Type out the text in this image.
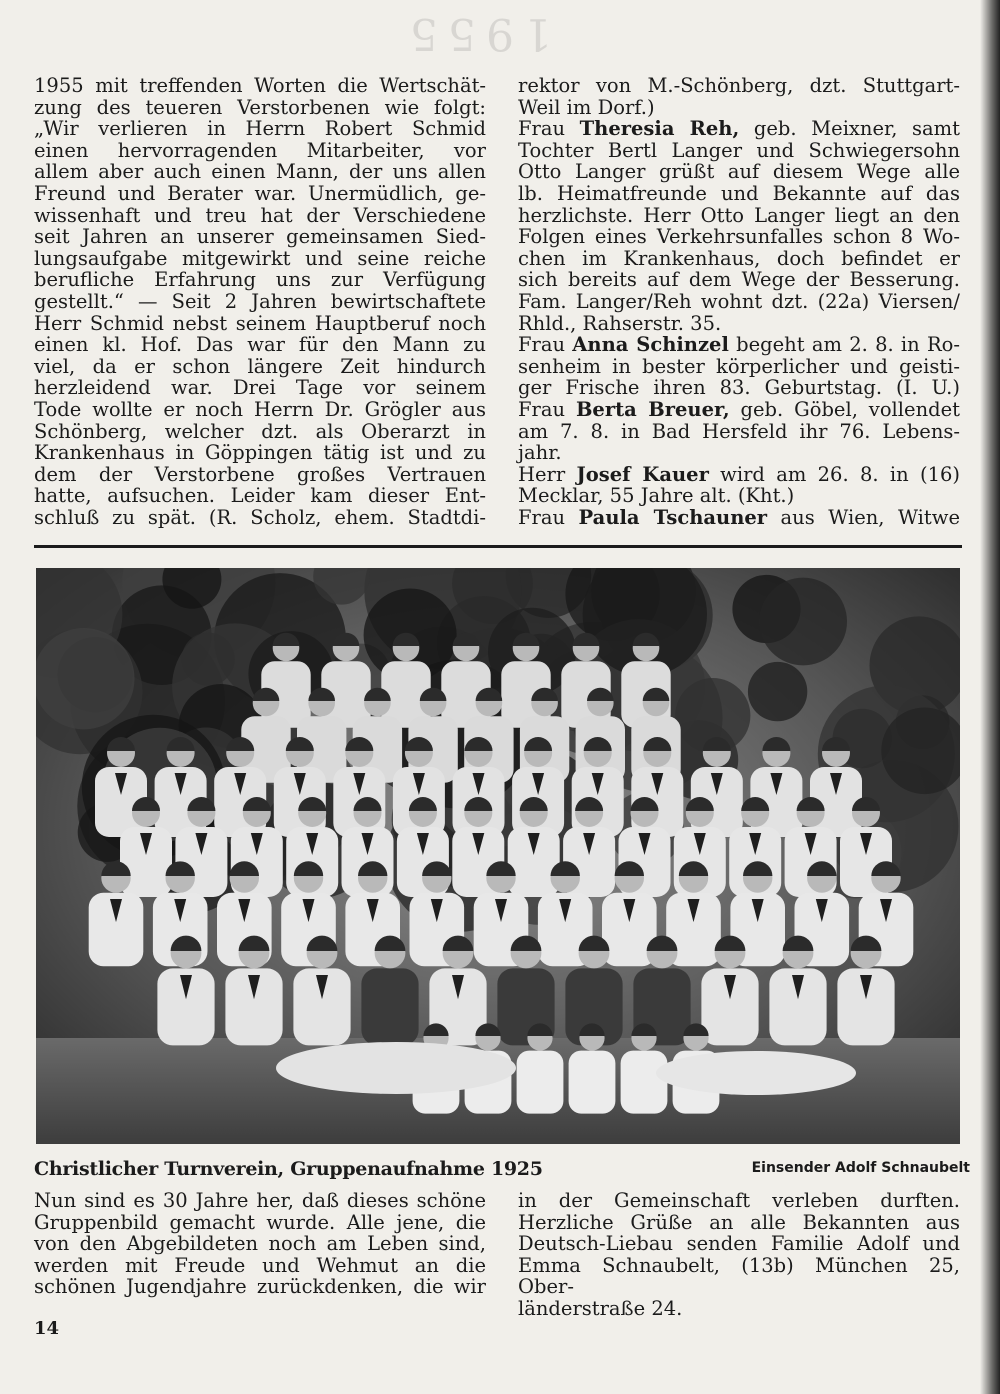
1955

1955 mit treffenden Worten die Wertschät-

zung des teueren Verstorbenen wie folgt:

„Wir verlieren in Herrn Robert Schmid

einen hervorragenden Mitarbeiter, vor

allem aber auch einen Mann, der uns allen

Freund und Berater war. Unermüdlich, ge-

wissenhaft und treu hat der Verschiedene

seit Jahren an unserer gemeinsamen Sied-

lungsaufgabe mitgewirkt und seine reiche

berufliche Erfahrung uns zur Verfügung

gestellt.“ — Seit 2 Jahren bewirtschaftete

Herr Schmid nebst seinem Hauptberuf noch

einen kl. Hof. Das war für den Mann zu

viel, da er schon längere Zeit hindurch

herzleidend war. Drei Tage vor seinem

Tode wollte er noch Herrn Dr. Grögler aus

Schönberg, welcher dzt. als Oberarzt in

Krankenhaus in Göppingen tätig ist und zu

dem der Verstorbene großes Vertrauen

hatte, aufsuchen. Leider kam dieser Ent-

schluß zu spät. (R. Scholz, ehem. Stadtdi-

rektor von M.-Schönberg, dzt. Stuttgart-

Weil im Dorf.)

Frau Theresia Reh, geb. Meixner, samt

Tochter Bertl Langer und Schwiegersohn

Otto Langer grüßt auf diesem Wege alle

lb. Heimatfreunde und Bekannte auf das

herzlichste. Herr Otto Langer liegt an den

Folgen eines Verkehrsunfalles schon 8 Wo-

chen im Krankenhaus, doch befindet er

sich bereits auf dem Wege der Besserung.

Fam. Langer/Reh wohnt dzt. (22a) Viersen/

Rhld., Rahserstr. 35.

Frau Anna Schinzel begeht am 2. 8. in Ro-

senheim in bester körperlicher und geisti-

ger Frische ihren 83. Geburtstag. (I. U.)

Frau Berta Breuer, geb. Göbel, vollendet

am 7. 8. in Bad Hersfeld ihr 76. Lebens-

jahr.

Herr Josef Kauer wird am 26. 8. in (16)

Mecklar, 55 Jahre alt. (Kht.)

Frau Paula Tschauner aus Wien, Witwe

Christlicher Turnverein, Gruppenaufnahme 1925	Einsender Adolf Schnaubelt

Nun sind es 30 Jahre her, daß dieses schöne

Gruppenbild gemacht wurde. Alle jene, die

von den Abgebildeten noch am Leben sind,

werden mit Freude und Wehmut an die

schönen Jugendjahre zurückdenken, die wir

in der Gemeinschaft verleben durften.

Herzliche Grüße an alle Bekannten aus

Deutsch-Liebau senden Familie Adolf und

Emma Schnaubelt, (13b) München 25, Ober-

länderstraße 24.

14
